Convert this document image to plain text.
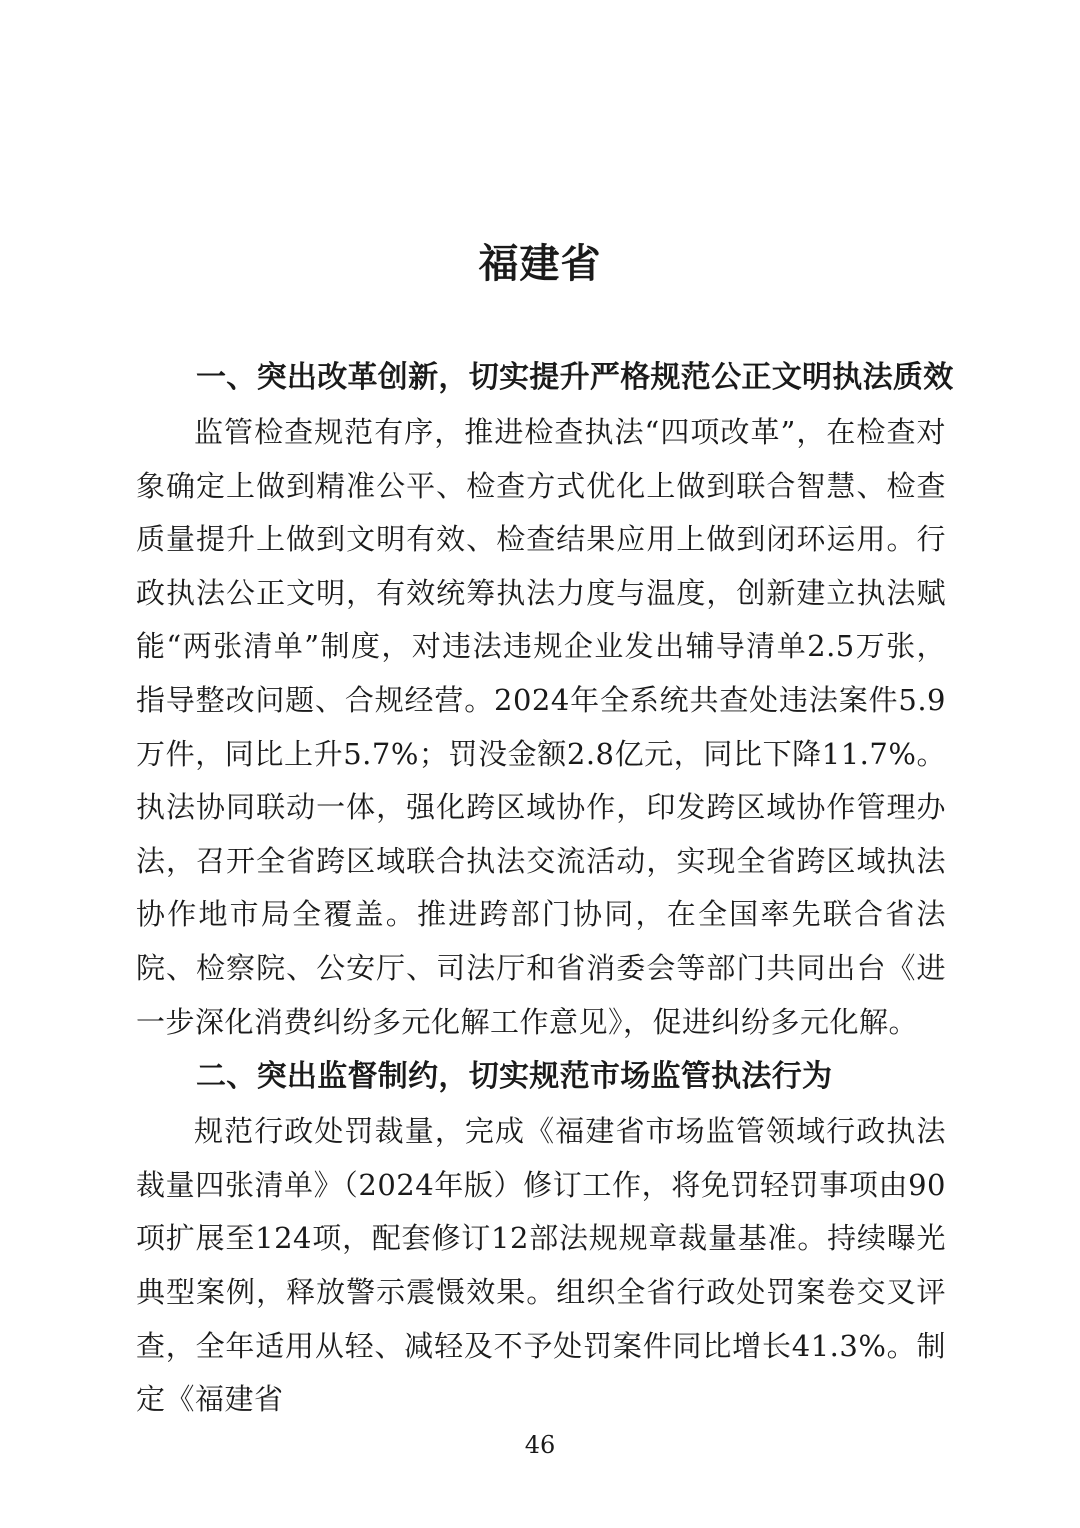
福建省
一、突出改革创新，切实提升严格规范公正文明执法质效

监管检查规范有序，推进检查执法“四项改革”，在检查对象确定上做到精准公平、检查方式优化上做到联合智慧、检查质量提升上做到文明有效、检查结果应用上做到闭环运用。行政执法公正文明，有效统筹执法力度与温度，创新建立执法赋能“两张清单”制度，对违法违规企业发出辅导清单2.5万张，指导整改问题、合规经营。2024年全系统共查处违法案件5.9万件，同比上升5.7%；罚没金额2.8亿元，同比下降11.7%。执法协同联动一体，强化跨区域协作，印发跨区域协作管理办法，召开全省跨区域联合执法交流活动，实现全省跨区域执法协作地市局全覆盖。推进跨部门协同，在全国率先联合省法院、检察院、公安厅、司法厅和省消委会等部门共同出台《进一步深化消费纠纷多元化解工作意见》，促进纠纷多元化解。

二、突出监督制约，切实规范市场监管执法行为

规范行政处罚裁量，完成《福建省市场监管领域行政执法裁量四张清单》（2024年版）修订工作，将免罚轻罚事项由90项扩展至124项，配套修订12部法规规章裁量基准。持续曝光典型案例，释放警示震慑效果。组织全省行政处罚案卷交叉评查，全年适用从轻、减轻及不予处罚案件同比增长41.3%。制定《福建省

46
